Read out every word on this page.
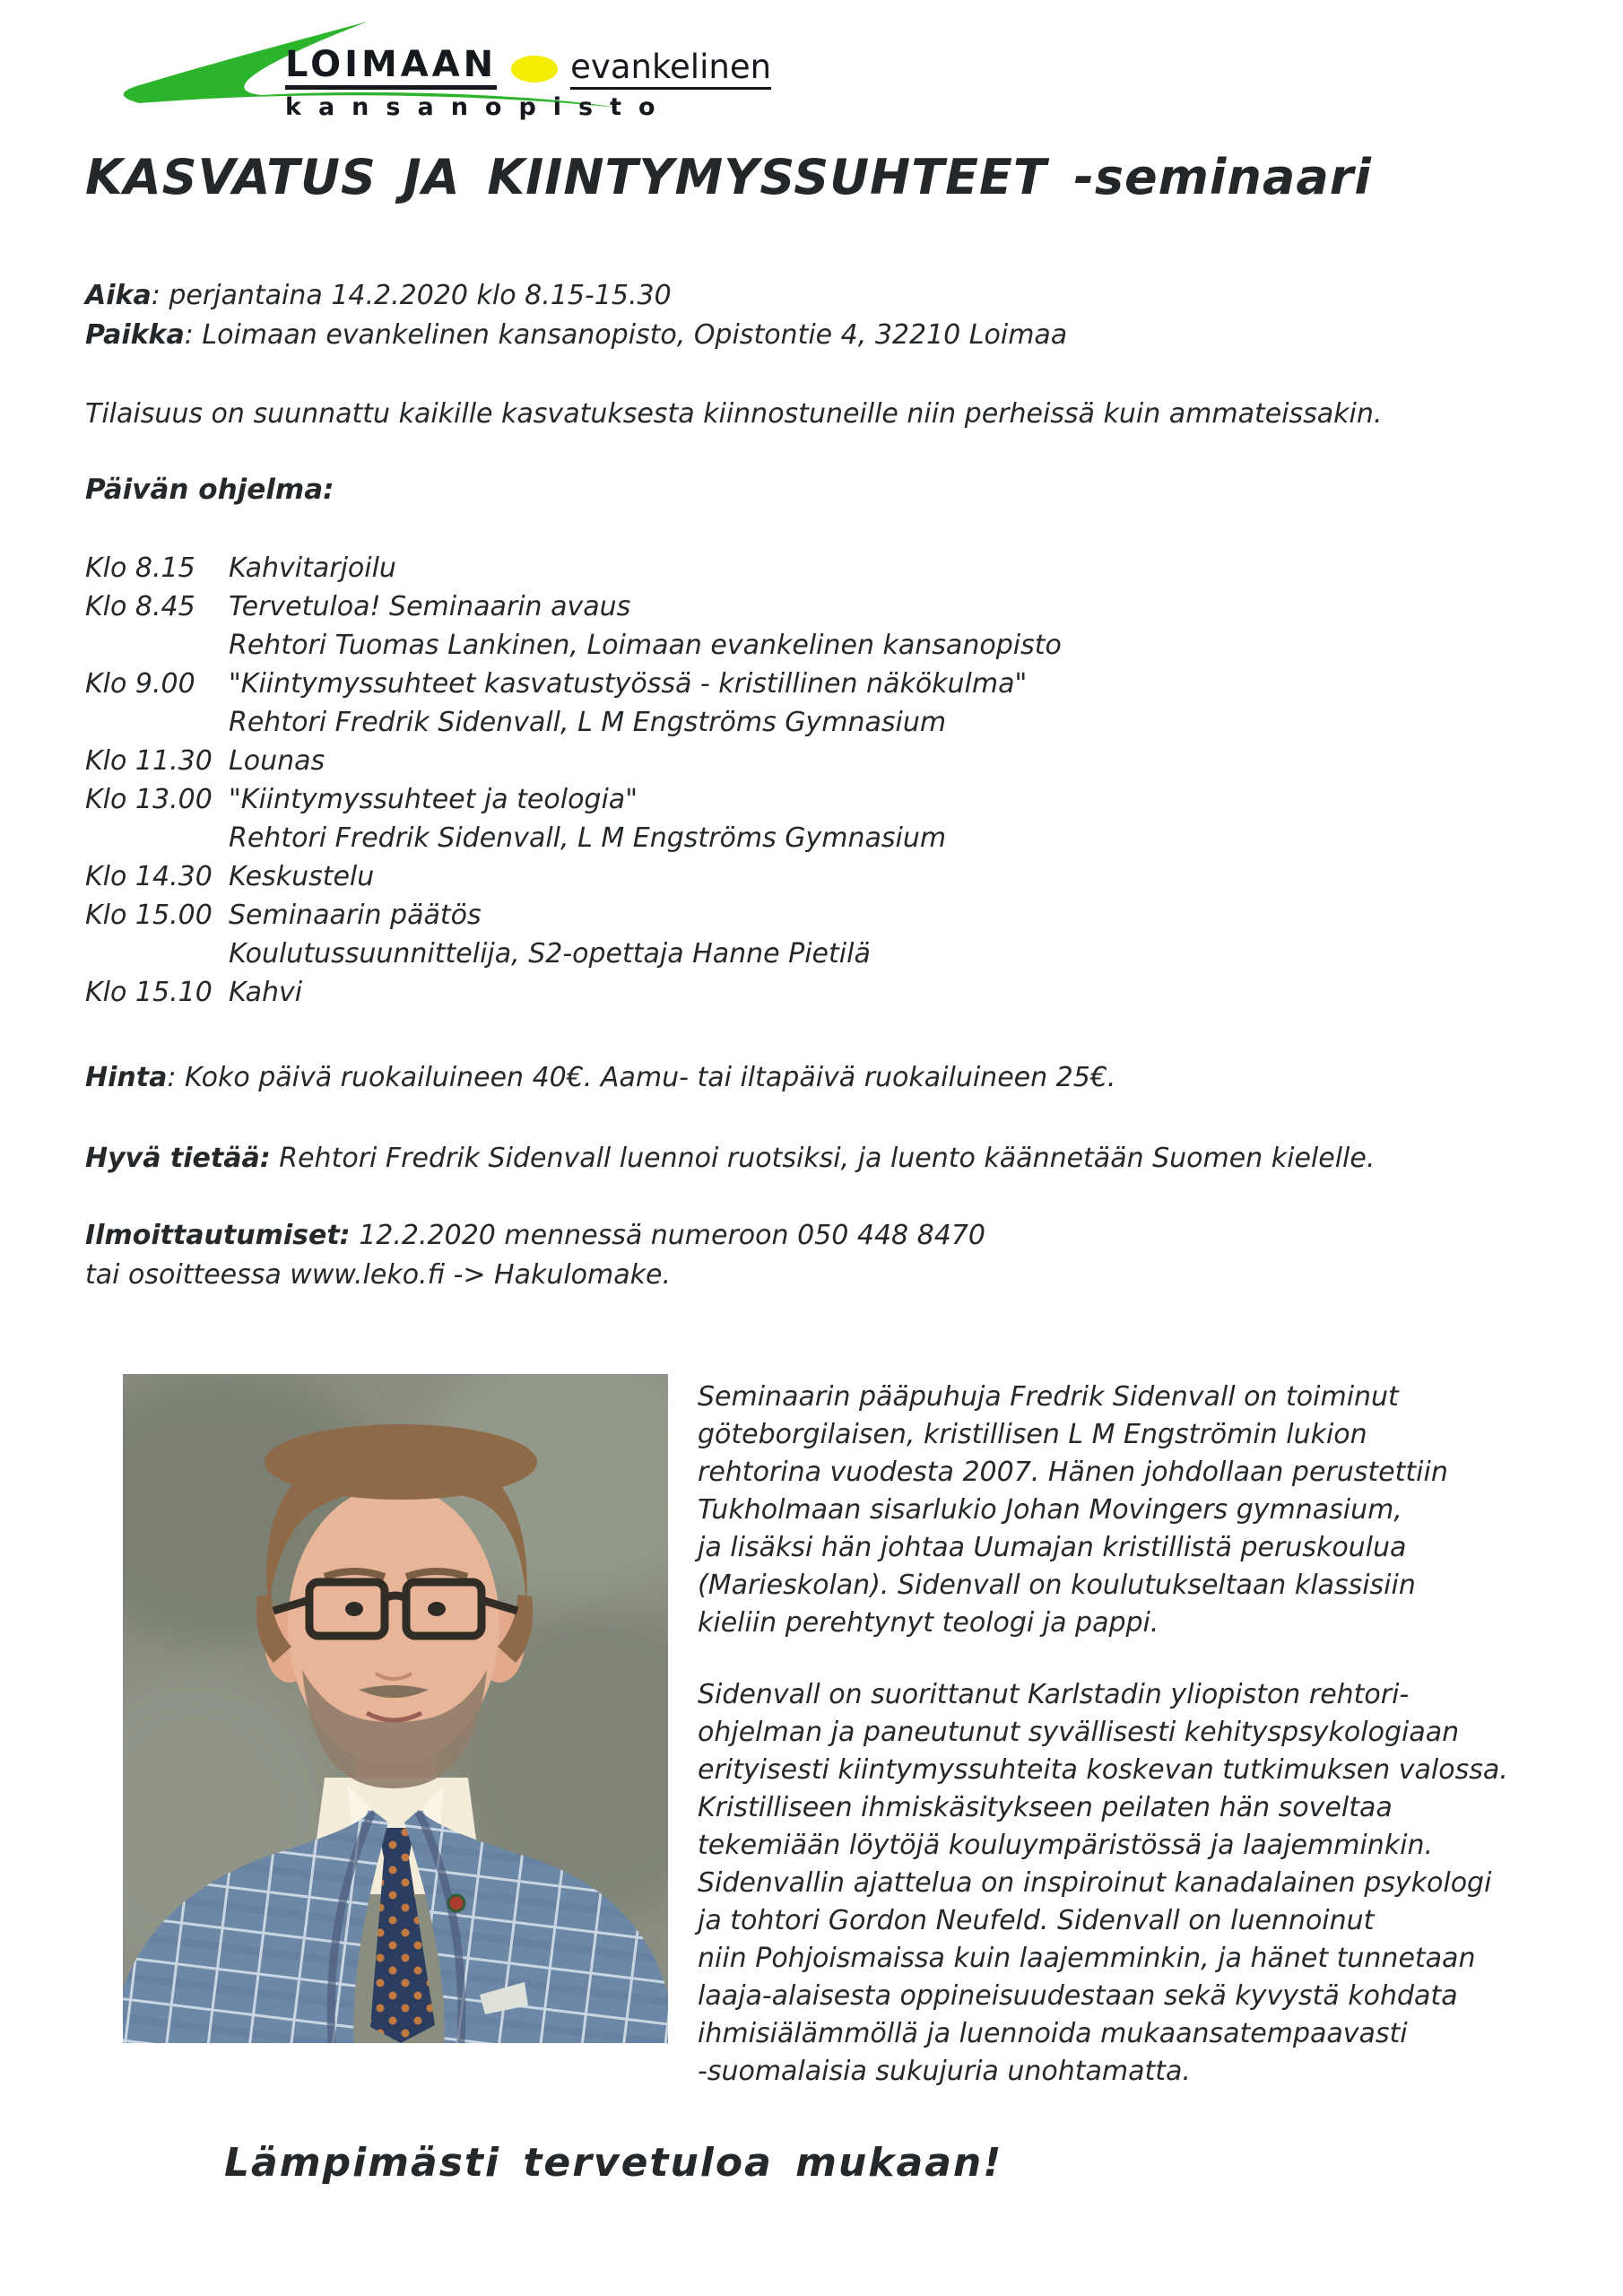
LOIMAAN evankelinen
kansanopisto
KASVATUS JA KIINTYMYSSUHTEET -seminaari
Aika: perjantaina 14.2.2020 klo 8.15-15.30
Paikka: Loimaan evankelinen kansanopisto, Opistontie 4, 32210 Loimaa
Tilaisuus on suunnattu kaikille kasvatuksesta kiinnostuneille niin perheissä kuin ammateissakin.
Päivän ohjelma:
Klo 8.15	Kahvitarjoilu
Klo 8.45	Tervetuloa! Seminaarin avaus
Rehtori Tuomas Lankinen, Loimaan evankelinen kansanopisto
Klo 9.00	"Kiintymyssuhteet kasvatustyössä - kristillinen näkökulma"
Rehtori Fredrik Sidenvall, L M Engströms Gymnasium
Klo 11.30 Lounas
Klo 13.00 "Kiintymyssuhteet ja teologia"
Rehtori Fredrik Sidenvall, L M Engströms Gymnasium
Klo 14.30 Keskustelu
Klo 15.00 Seminaarin päätös
Koulutussuunnittelija, S2-opettaja Hanne Pietilä
Klo 15.10 Kahvi
Hinta: Koko päivä ruokailuineen 40€. Aamu- tai iltapäivä ruokailuineen 25€.
Hyvä tietää: Rehtori Fredrik Sidenvall luennoi ruotsiksi, ja luento käännetään Suomen kielelle.
Ilmoittautumiset: 12.2.2020 mennessä numeroon 050 448 8470
tai osoitteessa www.leko.fi -> Hakulomake.
Seminaarin pääpuhuja Fredrik Sidenvall on toiminut
göteborgilaisen, kristillisen L M Engströmin lukion
rehtorina vuodesta 2007. Hänen johdollaan perustettiin
Tukholmaan sisarlukio Johan Movingers gymnasium,
ja lisäksi hän johtaa Uumajan kristillistä peruskoulua
(Marieskolan). Sidenvall on koulutukseltaan klassisiin
kieliin perehtynyt teologi ja pappi.
Sidenvall on suorittanut Karlstadin yliopiston rehtori-
ohjelman ja paneutunut syvällisesti kehityspsykologiaan
erityisesti kiintymyssuhteita koskevan tutkimuksen valossa.
Kristilliseen ihmiskäsitykseen peilaten hän soveltaa
tekemiään löytöjä kouluympäristössä ja laajemminkin.
Sidenvallin ajattelua on inspiroinut kanadalainen psykologi
ja tohtori Gordon Neufeld. Sidenvall on luennoinut
niin Pohjoismaissa kuin laajemminkin, ja hänet tunnetaan
laaja-alaisesta oppineisuudestaan sekä kyvystä kohdata
ihmisiälämmöllä ja luennoida mukaansatempaavasti
-suomalaisia sukujuria unohtamatta.
Lämpimästi tervetuloa mukaan!
